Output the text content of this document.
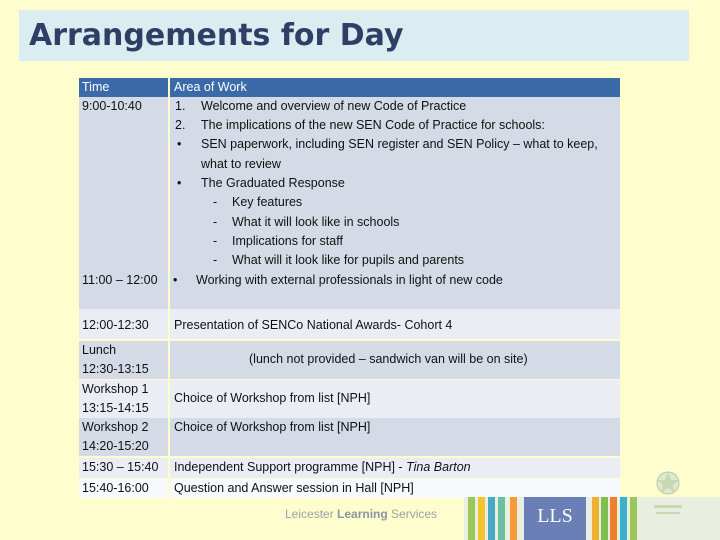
Arrangements for Day
Time	Area of Work
9:00-10:40
11:00 – 12:00
1. Welcome and overview of new Code of Practice
2. The implications of the new SEN Code of Practice for schools:
• SEN paperwork, including SEN register and SEN Policy – what to keep,
what to review
• The Graduated Response
- Key features
- What it will look like in schools
- Implications for staff
- What will it look like for pupils and parents
• Working with external professionals in light of new code
12:00-12:30 Presentation of SENCo National Awards- Cohort 4
Lunch
12:30-13:15
(lunch not provided – sandwich van will be on site)
Workshop 1
13:15-14:15
Choice of Workshop from list [NPH]
Workshop 2
14:20-15:20
Choice of Workshop from list [NPH]
15:30 – 15:40 Independent Support programme [NPH] - Tina Barton
15:40-16:00 Question and Answer session in Hall [NPH]
LLS
Leicester Learning Services
